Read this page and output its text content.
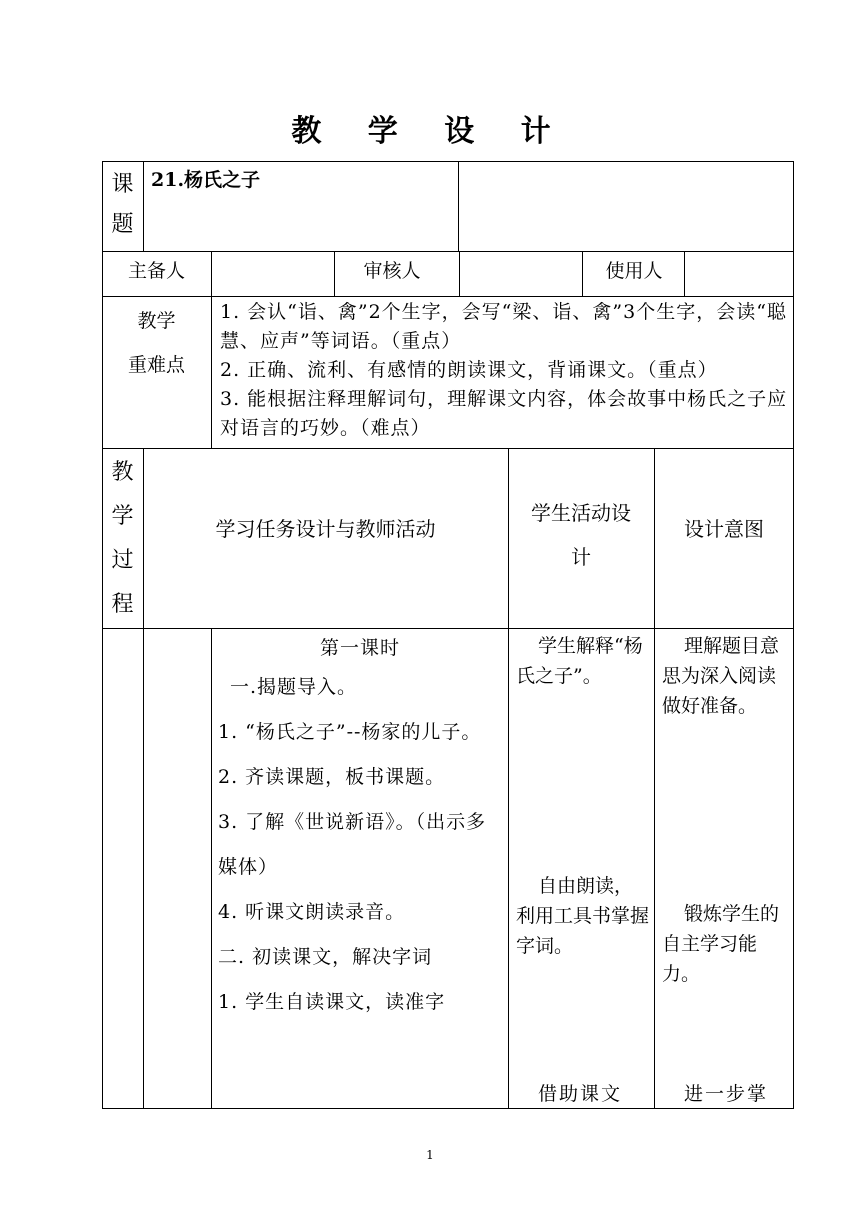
教 学 设 计
课
题
21.杨氏之子
主备人	审核人	使用人
教学
重难点
1. 会认“诣、禽”2个生字，会写“梁、诣、禽”3个生字，会读“聪慧、应声”等词语。（重点）
2. 正确、流利、有感情的朗读课文，背诵课文。（重点）
3. 能根据注释理解词句，理解课文内容，体会故事中杨氏之子应对语言的巧妙。（难点）
教
学
过
程
学习任务设计与教师活动
学生活动设
计
设计意图
第一课时
一.揭题导入。
1. “杨氏之子”--杨家的儿子。
2. 齐读课题，板书课题。
3. 了解《世说新语》。（出示多媒体）
4. 听课文朗读录音。
二. 初读课文，解决字词
1. 学生自读课文，读准字
学生解释“杨氏之子”。
自由朗读，利用工具书掌握字词。
借助课文
理解题目意思为深入阅读做好准备。
锻炼学生的自主学习能力。
进一步掌
1
